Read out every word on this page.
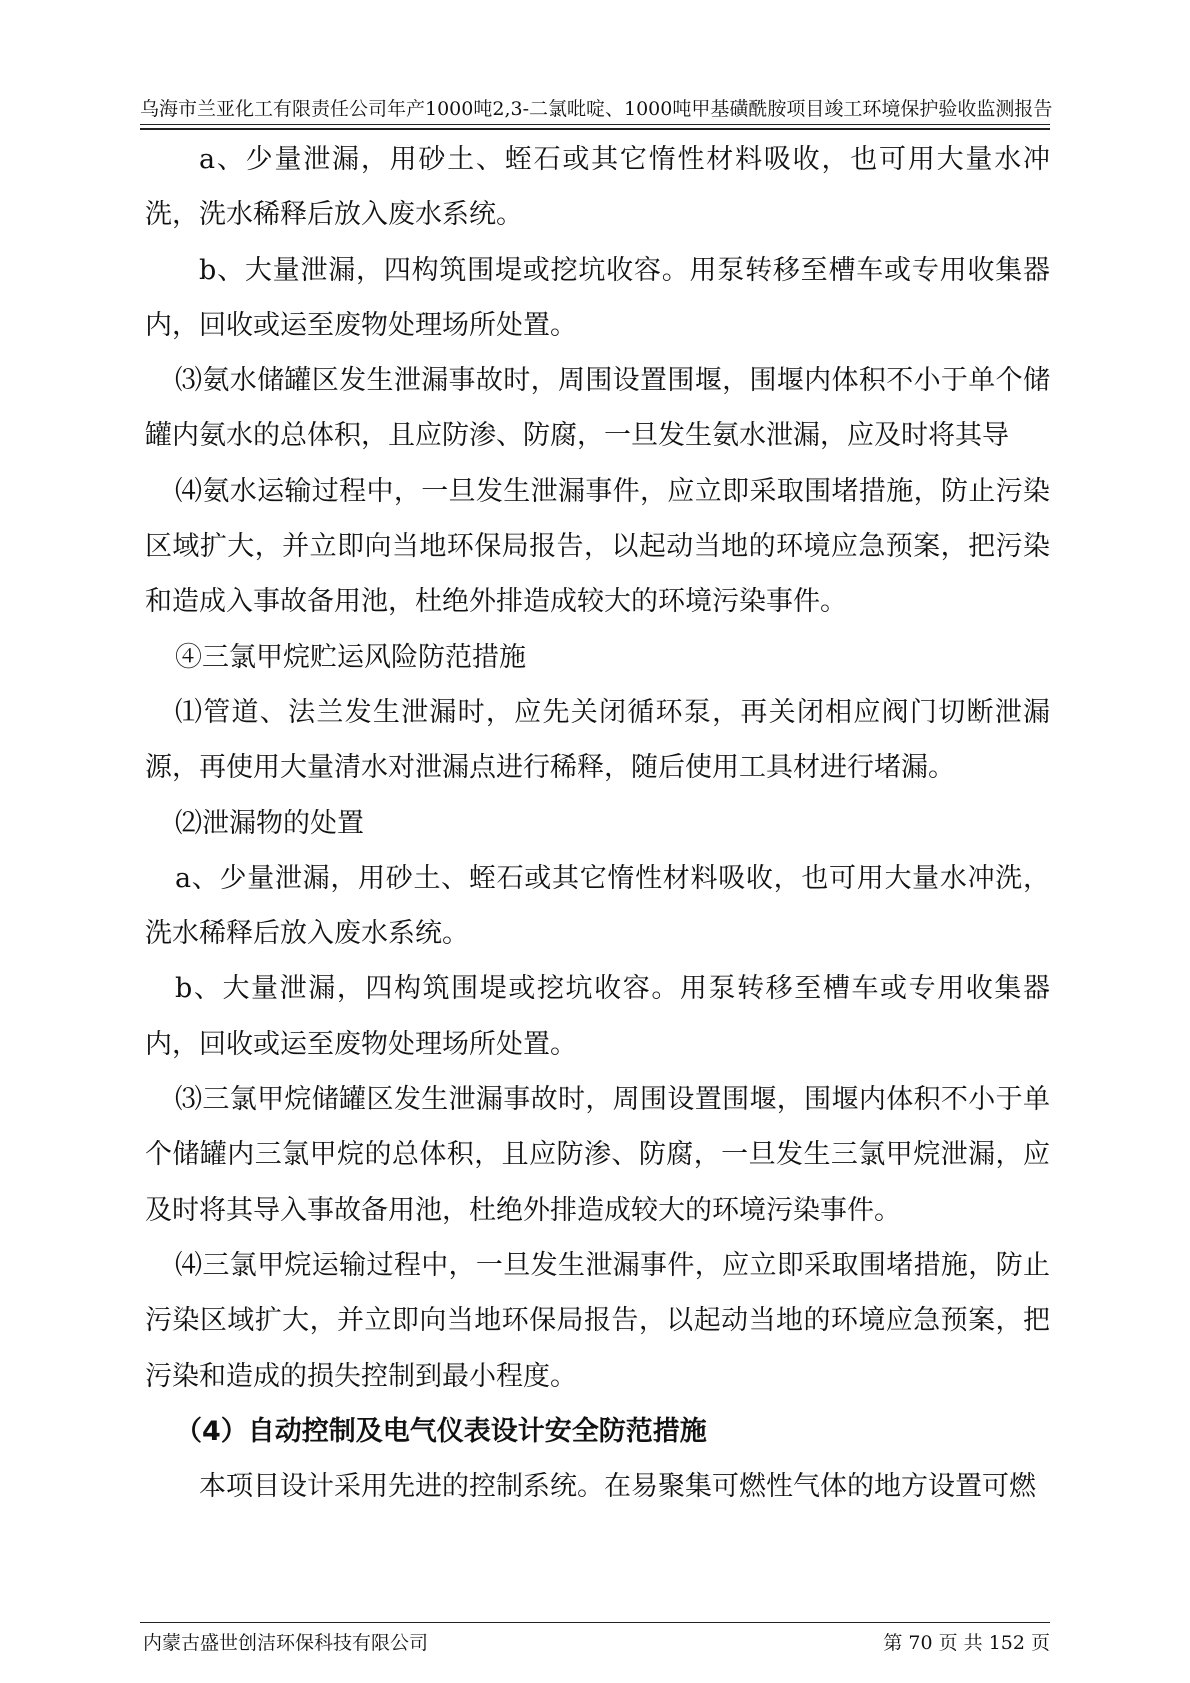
乌海市兰亚化工有限责任公司年产1000吨2,3-二氯吡啶、1000吨甲基磺酰胺项目竣工环境保护验收监测报告

a、少量泄漏，用砂土、蛭石或其它惰性材料吸收，也可用大量水冲洗，洗水稀释后放入废水系统。

b、大量泄漏，四构筑围堤或挖坑收容。用泵转移至槽车或专用收集器内，回收或运至废物处理场所处置。

⑶氨水储罐区发生泄漏事故时，周围设置围堰，围堰内体积不小于单个储罐内氨水的总体积，且应防渗、防腐，一旦发生氨水泄漏，应及时将其导

⑷氨水运输过程中，一旦发生泄漏事件，应立即采取围堵措施，防止污染区域扩大，并立即向当地环保局报告，以起动当地的环境应急预案，把污染和造成入事故备用池，杜绝外排造成较大的环境污染事件。

④三氯甲烷贮运风险防范措施

⑴管道、法兰发生泄漏时，应先关闭循环泵，再关闭相应阀门切断泄漏源，再使用大量清水对泄漏点进行稀释，随后使用工具材进行堵漏。

⑵泄漏物的处置

a、少量泄漏，用砂土、蛭石或其它惰性材料吸收，也可用大量水冲洗，洗水稀释后放入废水系统。

b、大量泄漏，四构筑围堤或挖坑收容。用泵转移至槽车或专用收集器内，回收或运至废物处理场所处置。

⑶三氯甲烷储罐区发生泄漏事故时，周围设置围堰，围堰内体积不小于单个储罐内三氯甲烷的总体积，且应防渗、防腐，一旦发生三氯甲烷泄漏，应及时将其导入事故备用池，杜绝外排造成较大的环境污染事件。

⑷三氯甲烷运输过程中，一旦发生泄漏事件，应立即采取围堵措施，防止污染区域扩大，并立即向当地环保局报告，以起动当地的环境应急预案，把污染和造成的损失控制到最小程度。

（4）自动控制及电气仪表设计安全防范措施

本项目设计采用先进的控制系统。在易聚集可燃性气体的地方设置可燃

内蒙古盛世创洁环保科技有限公司	第 70 页 共 152 页
